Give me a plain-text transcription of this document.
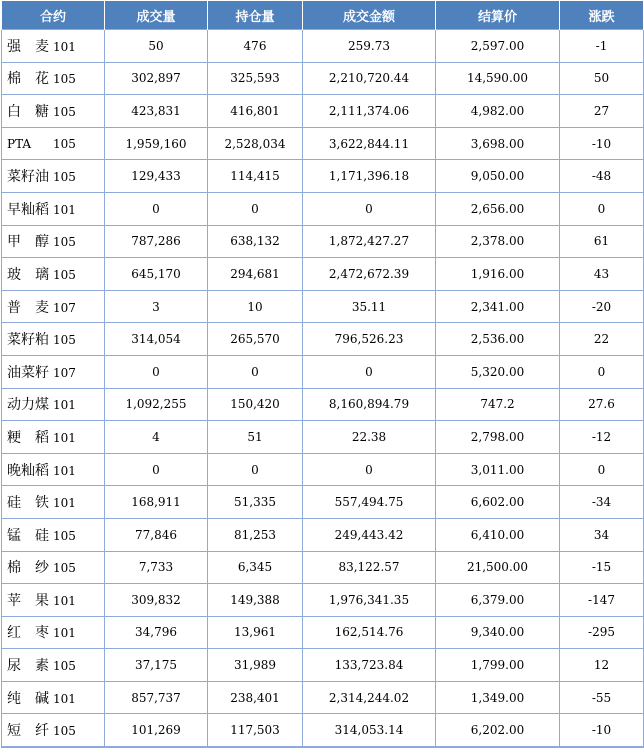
合约	成交量	持仓量	成交金额	结算价	涨跌
强　麦 101	50	476	259.73	2,597.00	-1
棉　花 105	302,897	325,593	2,210,720.44	14,590.00	50
白　糖 105	423,831	416,801	2,111,374.06	4,982.00	27
PTA 105	1,959,160	2,528,034	3,622,844.11	3,698.00	-10
菜籽油 105	129,433	114,415	1,171,396.18	9,050.00	-48
早籼稻 101	0	0	0	2,656.00	0
甲　醇 105	787,286	638,132	1,872,427.27	2,378.00	61
玻　璃 105	645,170	294,681	2,472,672.39	1,916.00	43
普　麦 107	3	10	35.11	2,341.00	-20
菜籽粕 105	314,054	265,570	796,526.23	2,536.00	22
油菜籽 107	0	0	0	5,320.00	0
动力煤 101	1,092,255	150,420	8,160,894.79	747.2	27.6
粳　稻 101	4	51	22.38	2,798.00	-12
晚籼稻 101	0	0	0	3,011.00	0
硅　铁 101	168,911	51,335	557,494.75	6,602.00	-34
锰　硅 105	77,846	81,253	249,443.42	6,410.00	34
棉　纱 105	7,733	6,345	83,122.57	21,500.00	-15
苹　果 101	309,832	149,388	1,976,341.35	6,379.00	-147
红　枣 101	34,796	13,961	162,514.76	9,340.00	-295
尿　素 105	37,175	31,989	133,723.84	1,799.00	12
纯　碱 101	857,737	238,401	2,314,244.02	1,349.00	-55
短　纤 105	101,269	117,503	314,053.14	6,202.00	-10
